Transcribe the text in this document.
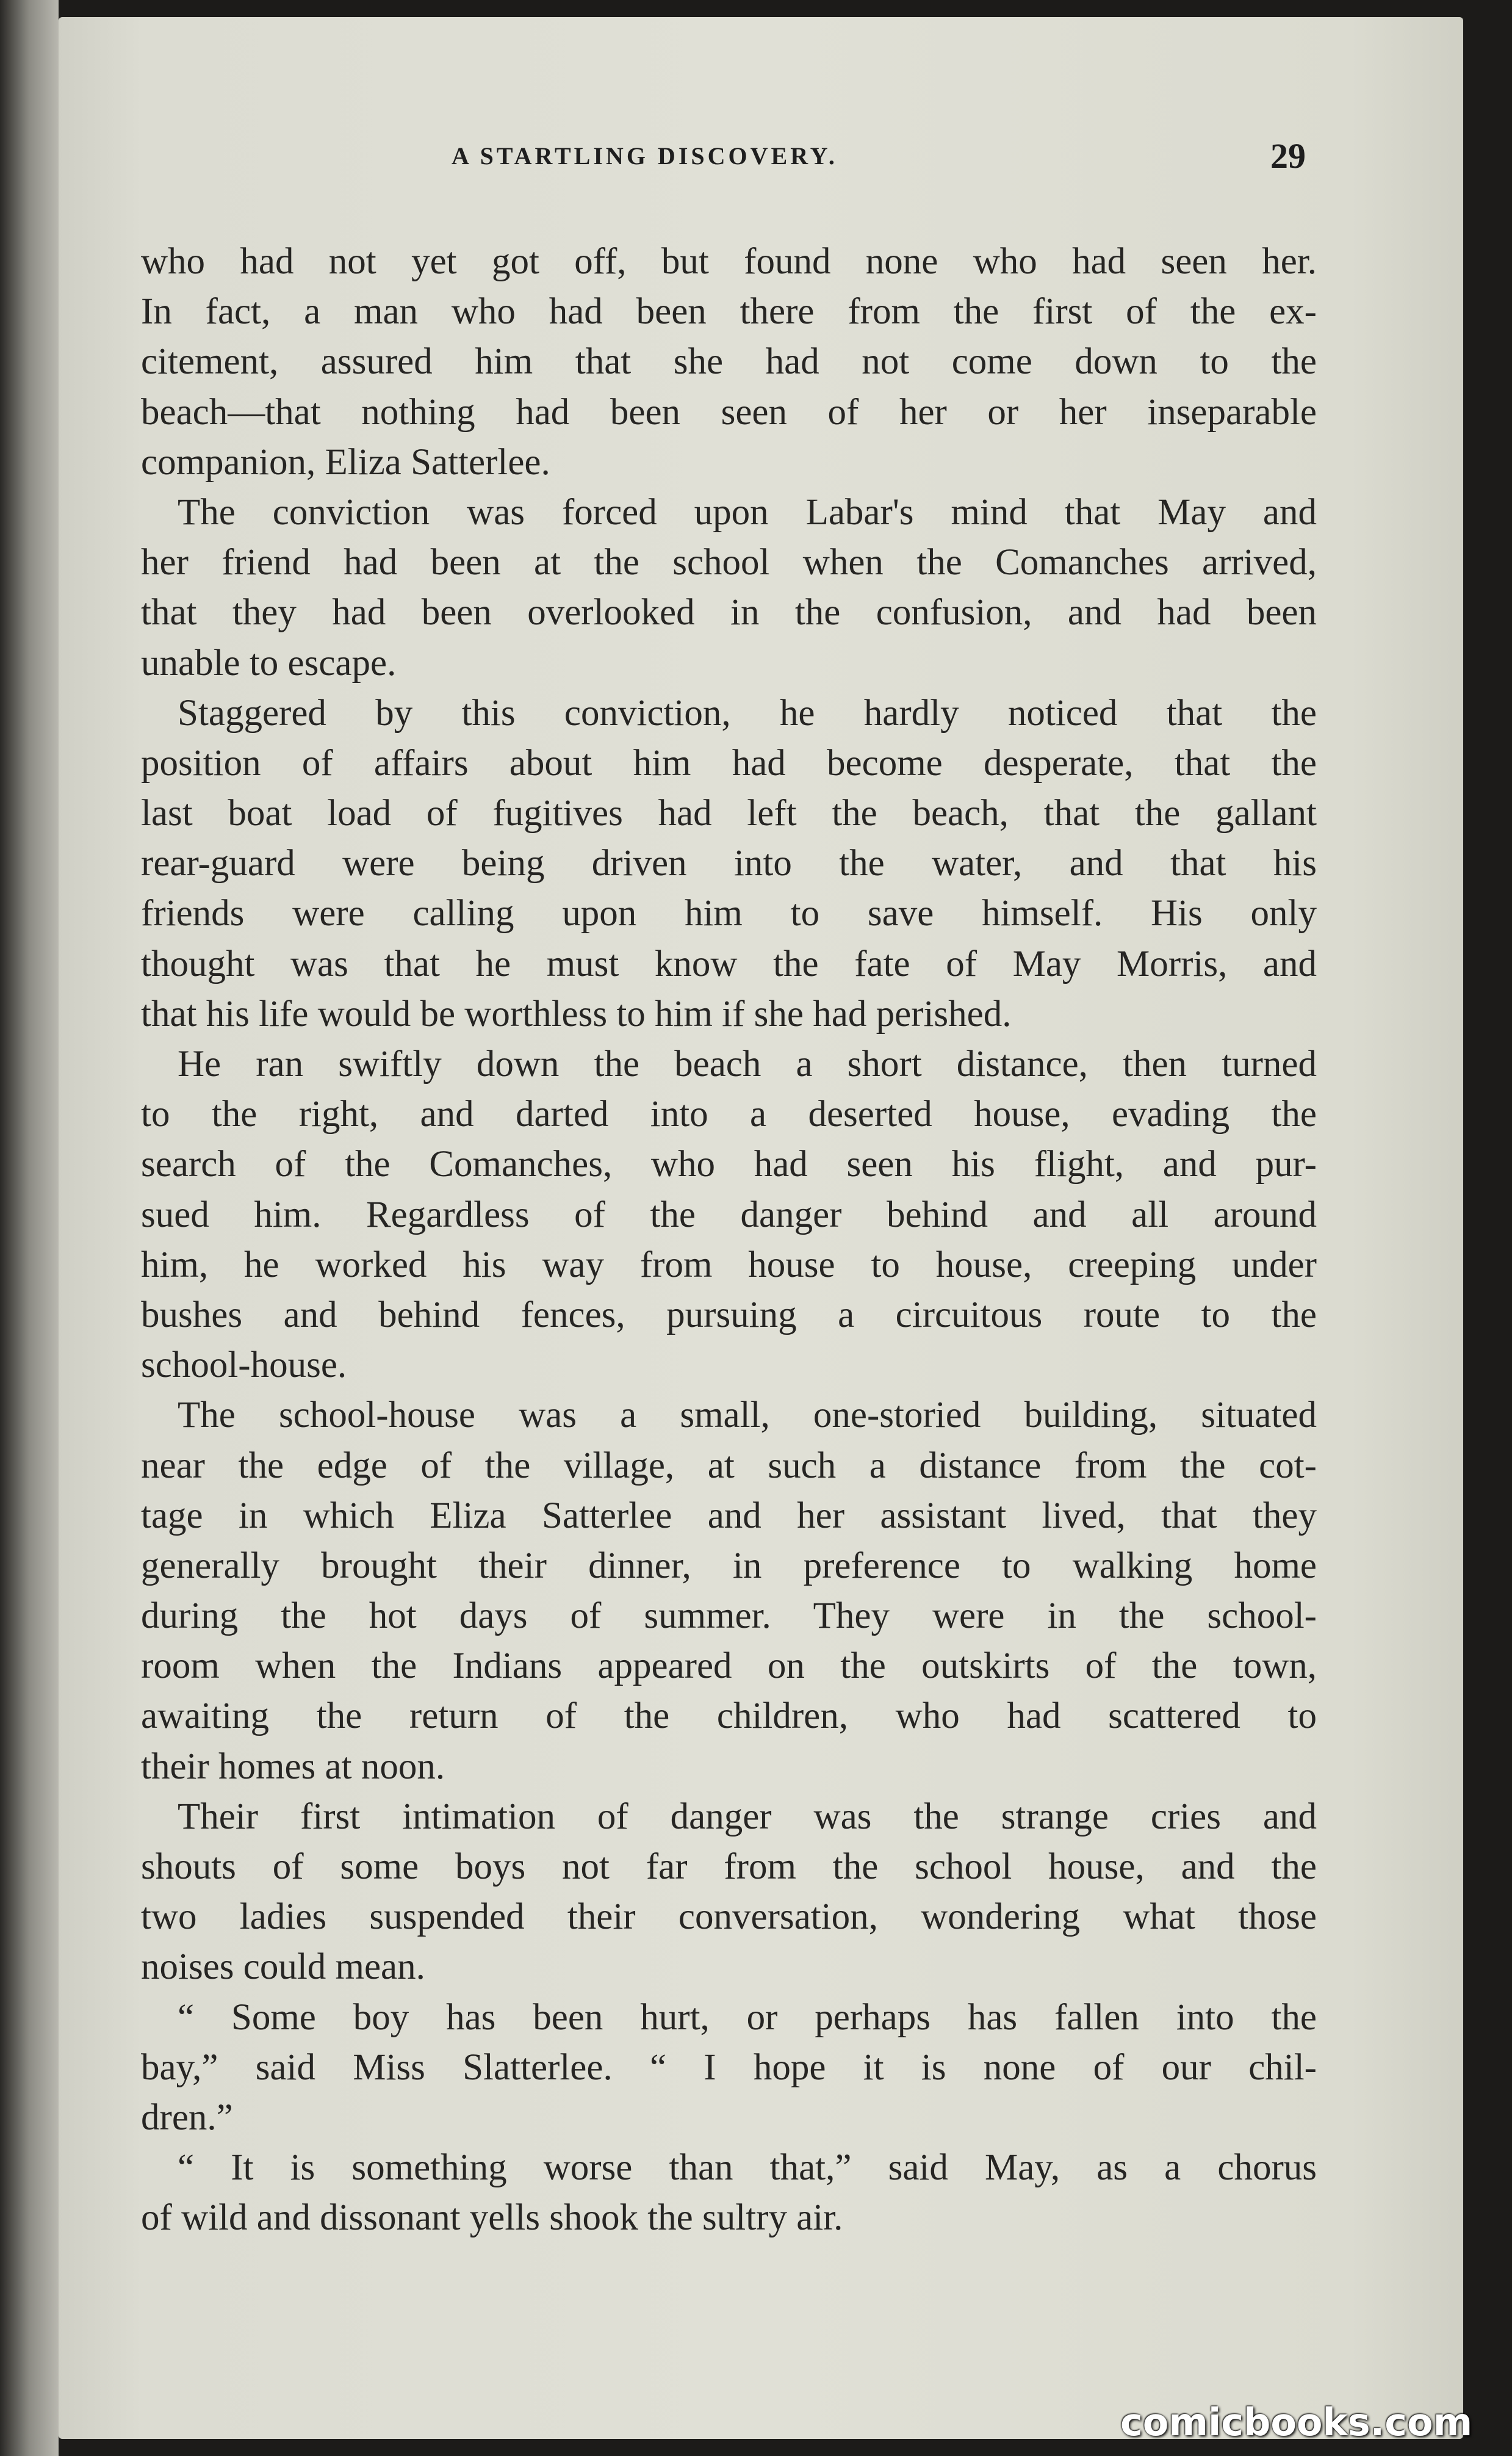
A STARTLING DISCOVERY.	29
who had not yet got off, but found none who had seen her.
In fact, a man who had been there from the first of the ex-
citement, assured him that she had not come down to the
beach—that nothing had been seen of her or her inseparable
companion, Eliza Satterlee.
The conviction was forced upon Labar's mind that May and
her friend had been at the school when the Comanches arrived,
that they had been overlooked in the confusion, and had been
unable to escape.
Staggered by this conviction, he hardly noticed that the
position of affairs about him had become desperate, that the
last boat load of fugitives had left the beach, that the gallant
rear-guard were being driven into the water, and that his
friends were calling upon him to save himself. His only
thought was that he must know the fate of May Morris, and
that his life would be worthless to him if she had perished.
He ran swiftly down the beach a short distance, then turned
to the right, and darted into a deserted house, evading the
search of the Comanches, who had seen his flight, and pur-
sued him. Regardless of the danger behind and all around
him, he worked his way from house to house, creeping under
bushes and behind fences, pursuing a circuitous route to the
school-house.
The school-house was a small, one-storied building, situated
near the edge of the village, at such a distance from the cot-
tage in which Eliza Satterlee and her assistant lived, that they
generally brought their dinner, in preference to walking home
during the hot days of summer. They were in the school-
room when the Indians appeared on the outskirts of the town,
awaiting the return of the children, who had scattered to
their homes at noon.
Their first intimation of danger was the strange cries and
shouts of some boys not far from the school house, and the
two ladies suspended their conversation, wondering what those
noises could mean.
“ Some boy has been hurt, or perhaps has fallen into the
bay,” said Miss Slatterlee. “ I hope it is none of our chil-
dren.”
“ It is something worse than that,” said May, as a chorus
of wild and dissonant yells shook the sultry air.
comicbooks.com
